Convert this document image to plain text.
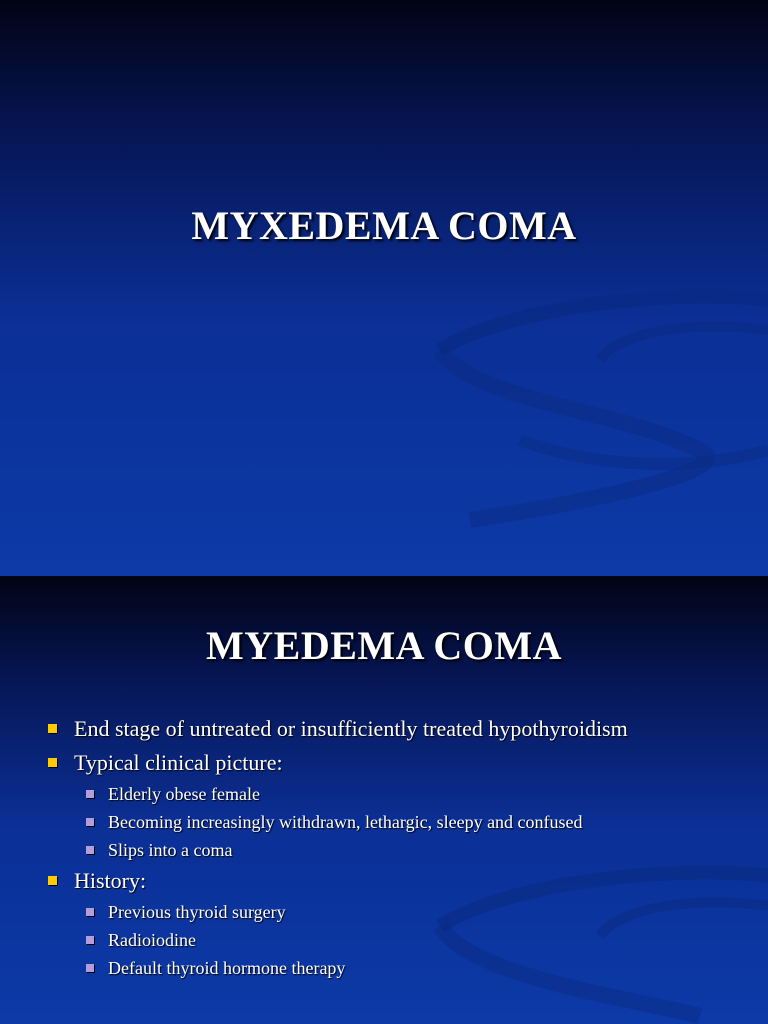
MYXEDEMA COMA
MYEDEMA COMA
End stage of untreated or insufficiently treated hypothyroidism
Typical clinical picture:
Elderly obese female
Becoming increasingly withdrawn, lethargic, sleepy and confused
Slips into a coma
History:
Previous thyroid surgery
Radioiodine
Default thyroid hormone therapy
